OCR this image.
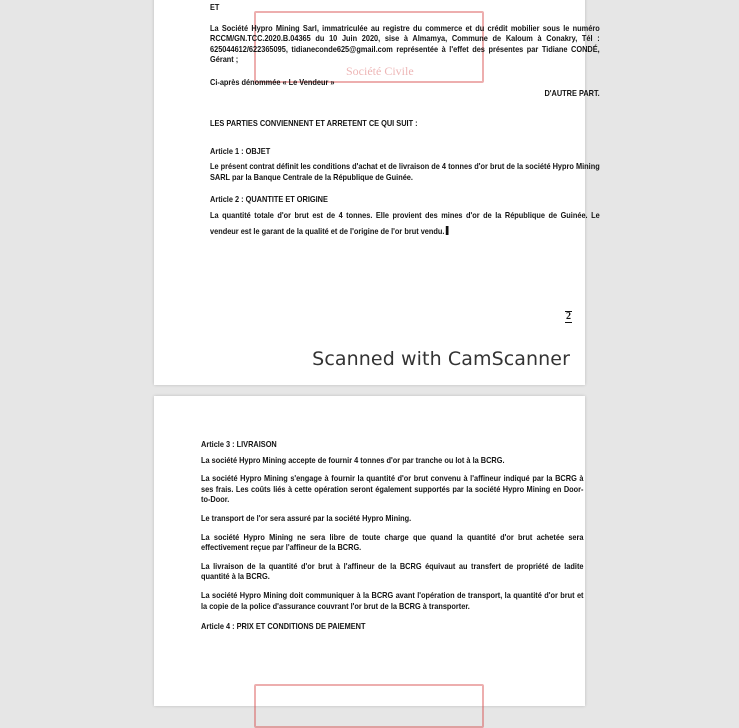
Société Civile

ET

La Société Hypro Mining Sarl, immatriculée au registre du commerce et du crédit mobilier sous le numéro RCCM/GN.TCC.2020.B.04365 du 10 Juin 2020, sise à Almamya, Commune de Kaloum à Conakry, Tél : 625044612/622365095, tidianeconde625@gmail.com représentée à l'effet des présentes par Tidiane CONDÉ, Gérant ;

Ci-après dénommée « Le Vendeur »

D'AUTRE PART.

LES PARTIES CONVIENNENT ET ARRETENT CE QUI SUIT :

Article 1 : OBJET

Le présent contrat définit les conditions d'achat et de livraison de 4 tonnes d'or brut de la société Hypro Mining SARL par la Banque Centrale de la République de Guinée.

Article 2 : QUANTITE ET ORIGINE

La quantité totale d'or brut est de 4 tonnes. Elle provient des mines d'or de la République de Guinée. Le vendeur est le garant de la qualité et de l'origine de l'or brut vendu.

2
Scanned with CamScanner

Article 3 : LIVRAISON

La société Hypro Mining accepte de fournir 4 tonnes d'or par tranche ou lot à la BCRG.

La société Hypro Mining s'engage à fournir la quantité d'or brut convenu à l'affineur indiqué par la BCRG à ses frais. Les coûts liés à cette opération seront également supportés par la société Hypro Mining en Door-to-Door.

Le transport de l'or sera assuré par la société Hypro Mining.

La société Hypro Mining ne sera libre de toute charge que quand la quantité d'or brut achetée sera effectivement reçue par l'affineur de la BCRG.

La livraison de la quantité d'or brut à l'affineur de la BCRG équivaut au transfert de propriété de ladite quantité à la BCRG.

La société Hypro Mining doit communiquer à la BCRG avant l'opération de transport, la quantité d'or brut et la copie de la police d'assurance couvrant l'or brut de la BCRG à transporter.

Article 4 : PRIX ET CONDITIONS DE PAIEMENT
